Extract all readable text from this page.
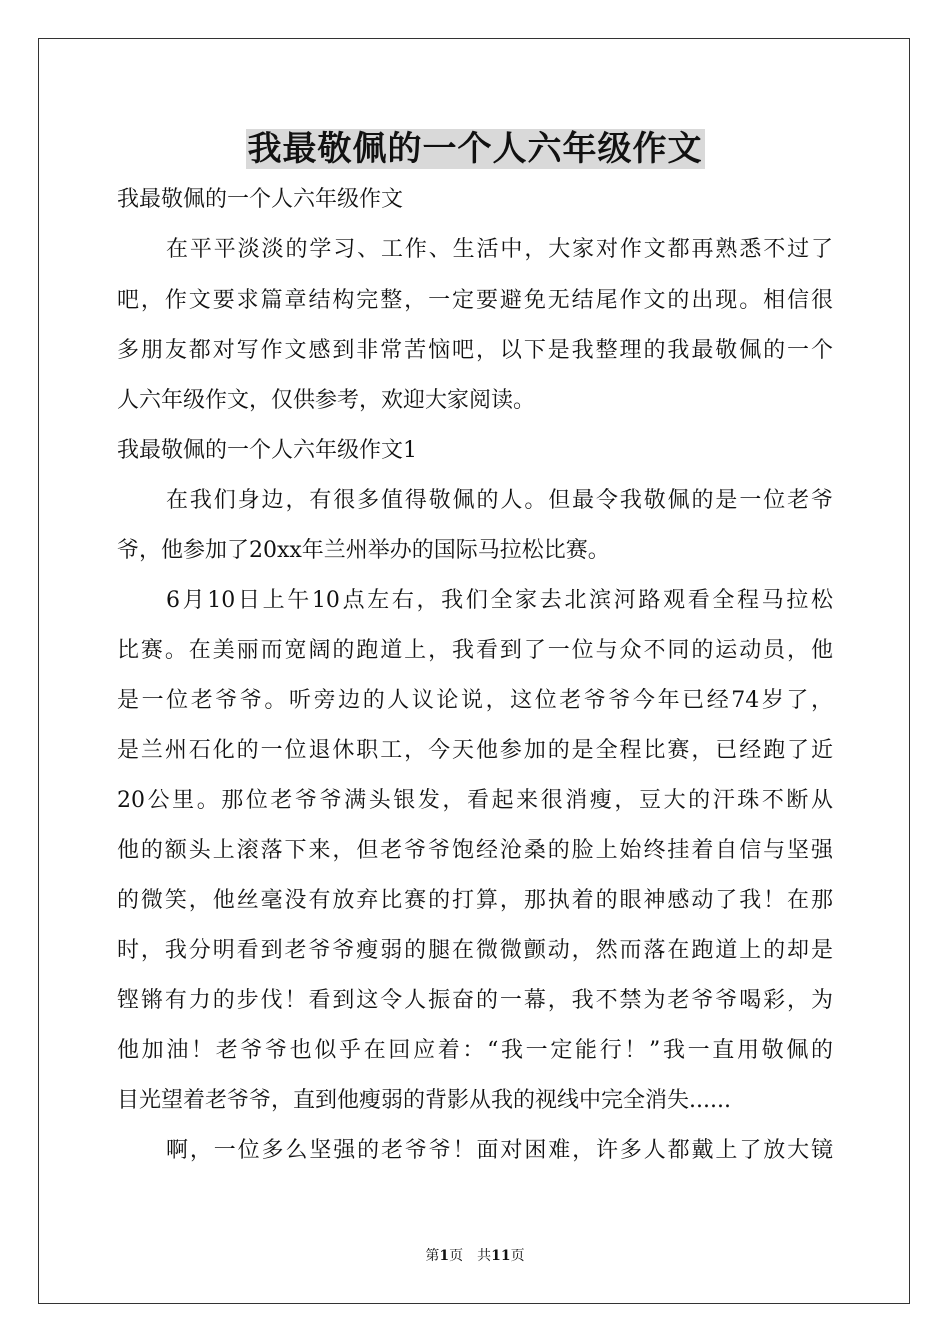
我最敬佩的一个人六年级作文
我最敬佩的一个人六年级作文
在平平淡淡的学习、工作、生活中，大家对作文都再熟悉不过了
吧，作文要求篇章结构完整，一定要避免无结尾作文的出现。相信很
多朋友都对写作文感到非常苦恼吧，以下是我整理的我最敬佩的一个
人六年级作文，仅供参考，欢迎大家阅读。
我最敬佩的一个人六年级作文1
在我们身边，有很多值得敬佩的人。但最令我敬佩的是一位老爷
爷，他参加了20xx年兰州举办的国际马拉松比赛。
6月10日上午10点左右，我们全家去北滨河路观看全程马拉松
比赛。在美丽而宽阔的跑道上，我看到了一位与众不同的运动员，他
是一位老爷爷。听旁边的人议论说，这位老爷爷今年已经74岁了，
是兰州石化的一位退休职工，今天他参加的是全程比赛，已经跑了近
20公里。那位老爷爷满头银发，看起来很消瘦，豆大的汗珠不断从
他的额头上滚落下来，但老爷爷饱经沧桑的脸上始终挂着自信与坚强
的微笑，他丝毫没有放弃比赛的打算，那执着的眼神感动了我！在那
时，我分明看到老爷爷瘦弱的腿在微微颤动，然而落在跑道上的却是
铿锵有力的步伐！看到这令人振奋的一幕，我不禁为老爷爷喝彩，为
他加油！老爷爷也似乎在回应着：“我一定能行！”我一直用敬佩的
目光望着老爷爷，直到他瘦弱的背影从我的视线中完全消失......
啊，一位多么坚强的老爷爷！面对困难，许多人都戴上了放大镜
第1页 共11页
